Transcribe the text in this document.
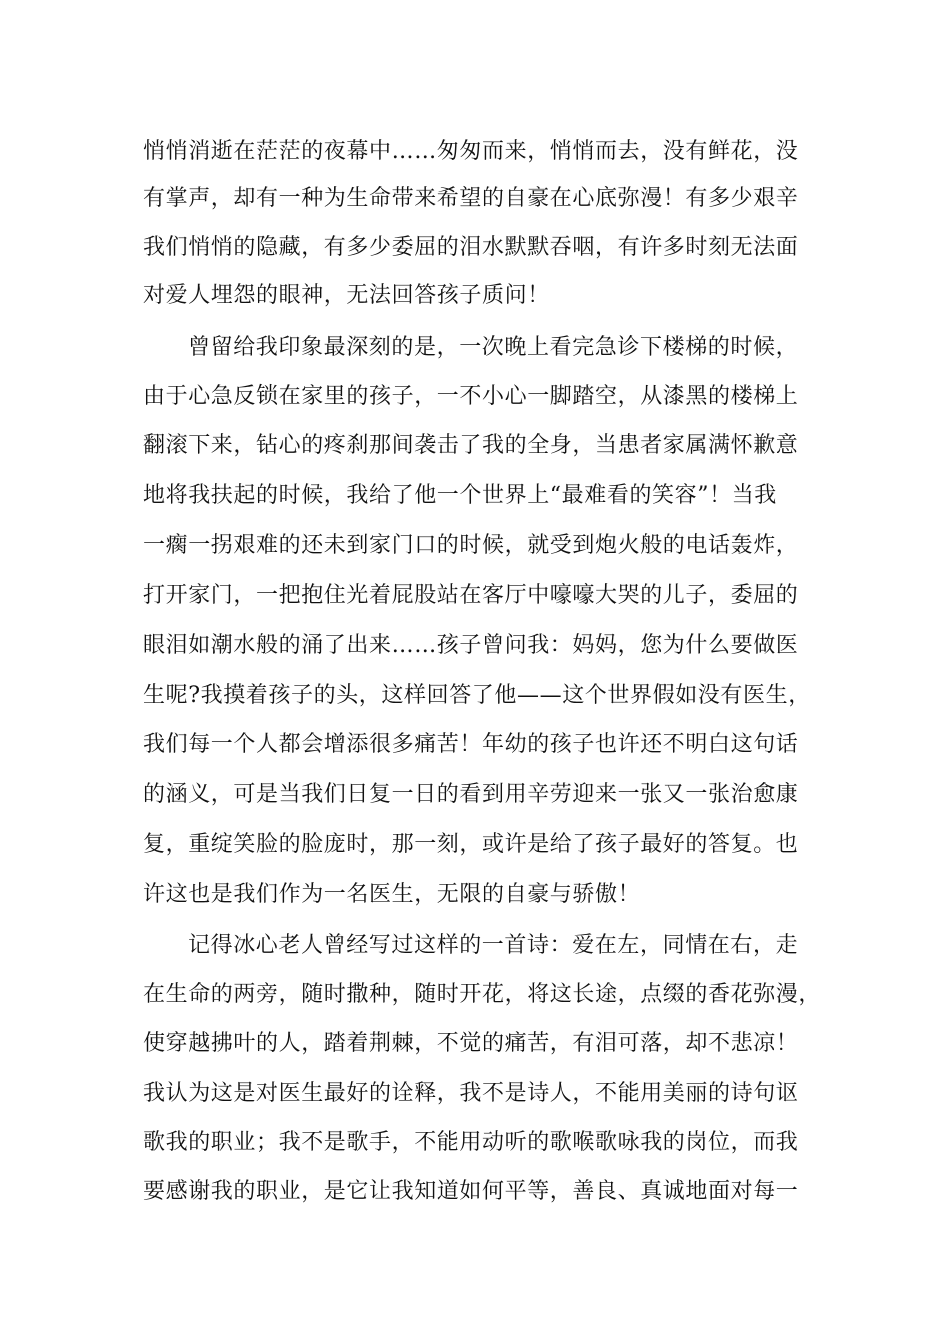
悄悄消逝在茫茫的夜幕中……匆匆而来，悄悄而去，没有鲜花，没
有掌声，却有一种为生命带来希望的自豪在心底弥漫！有多少艰辛
我们悄悄的隐藏，有多少委屈的泪水默默吞咽，有许多时刻无法面
对爱人埋怨的眼神，无法回答孩子质问！
曾留给我印象最深刻的是，一次晚上看完急诊下楼梯的时候，
由于心急反锁在家里的孩子，一不小心一脚踏空，从漆黑的楼梯上
翻滚下来，钻心的疼刹那间袭击了我的全身，当患者家属满怀歉意
地将我扶起的时候，我给了他一个世界上“最难看的笑容”！当我
一瘸一拐艰难的还未到家门口的时候，就受到炮火般的电话轰炸，
打开家门，一把抱住光着屁股站在客厅中嚎嚎大哭的儿子，委屈的
眼泪如潮水般的涌了出来……孩子曾问我：妈妈，您为什么要做医
生呢?我摸着孩子的头，这样回答了他——这个世界假如没有医生，
我们每一个人都会增添很多痛苦！年幼的孩子也许还不明白这句话
的涵义，可是当我们日复一日的看到用辛劳迎来一张又一张治愈康
复，重绽笑脸的脸庞时，那一刻，或许是给了孩子最好的答复。也
许这也是我们作为一名医生，无限的自豪与骄傲！
记得冰心老人曾经写过这样的一首诗：爱在左，同情在右，走
在生命的两旁，随时撒种，随时开花，将这长途，点缀的香花弥漫，
使穿越拂叶的人，踏着荆棘，不觉的痛苦，有泪可落，却不悲凉！
我认为这是对医生最好的诠释，我不是诗人，不能用美丽的诗句讴
歌我的职业；我不是歌手，不能用动听的歌喉歌咏我的岗位，而我
要感谢我的职业，是它让我知道如何平等，善良、真诚地面对每一
